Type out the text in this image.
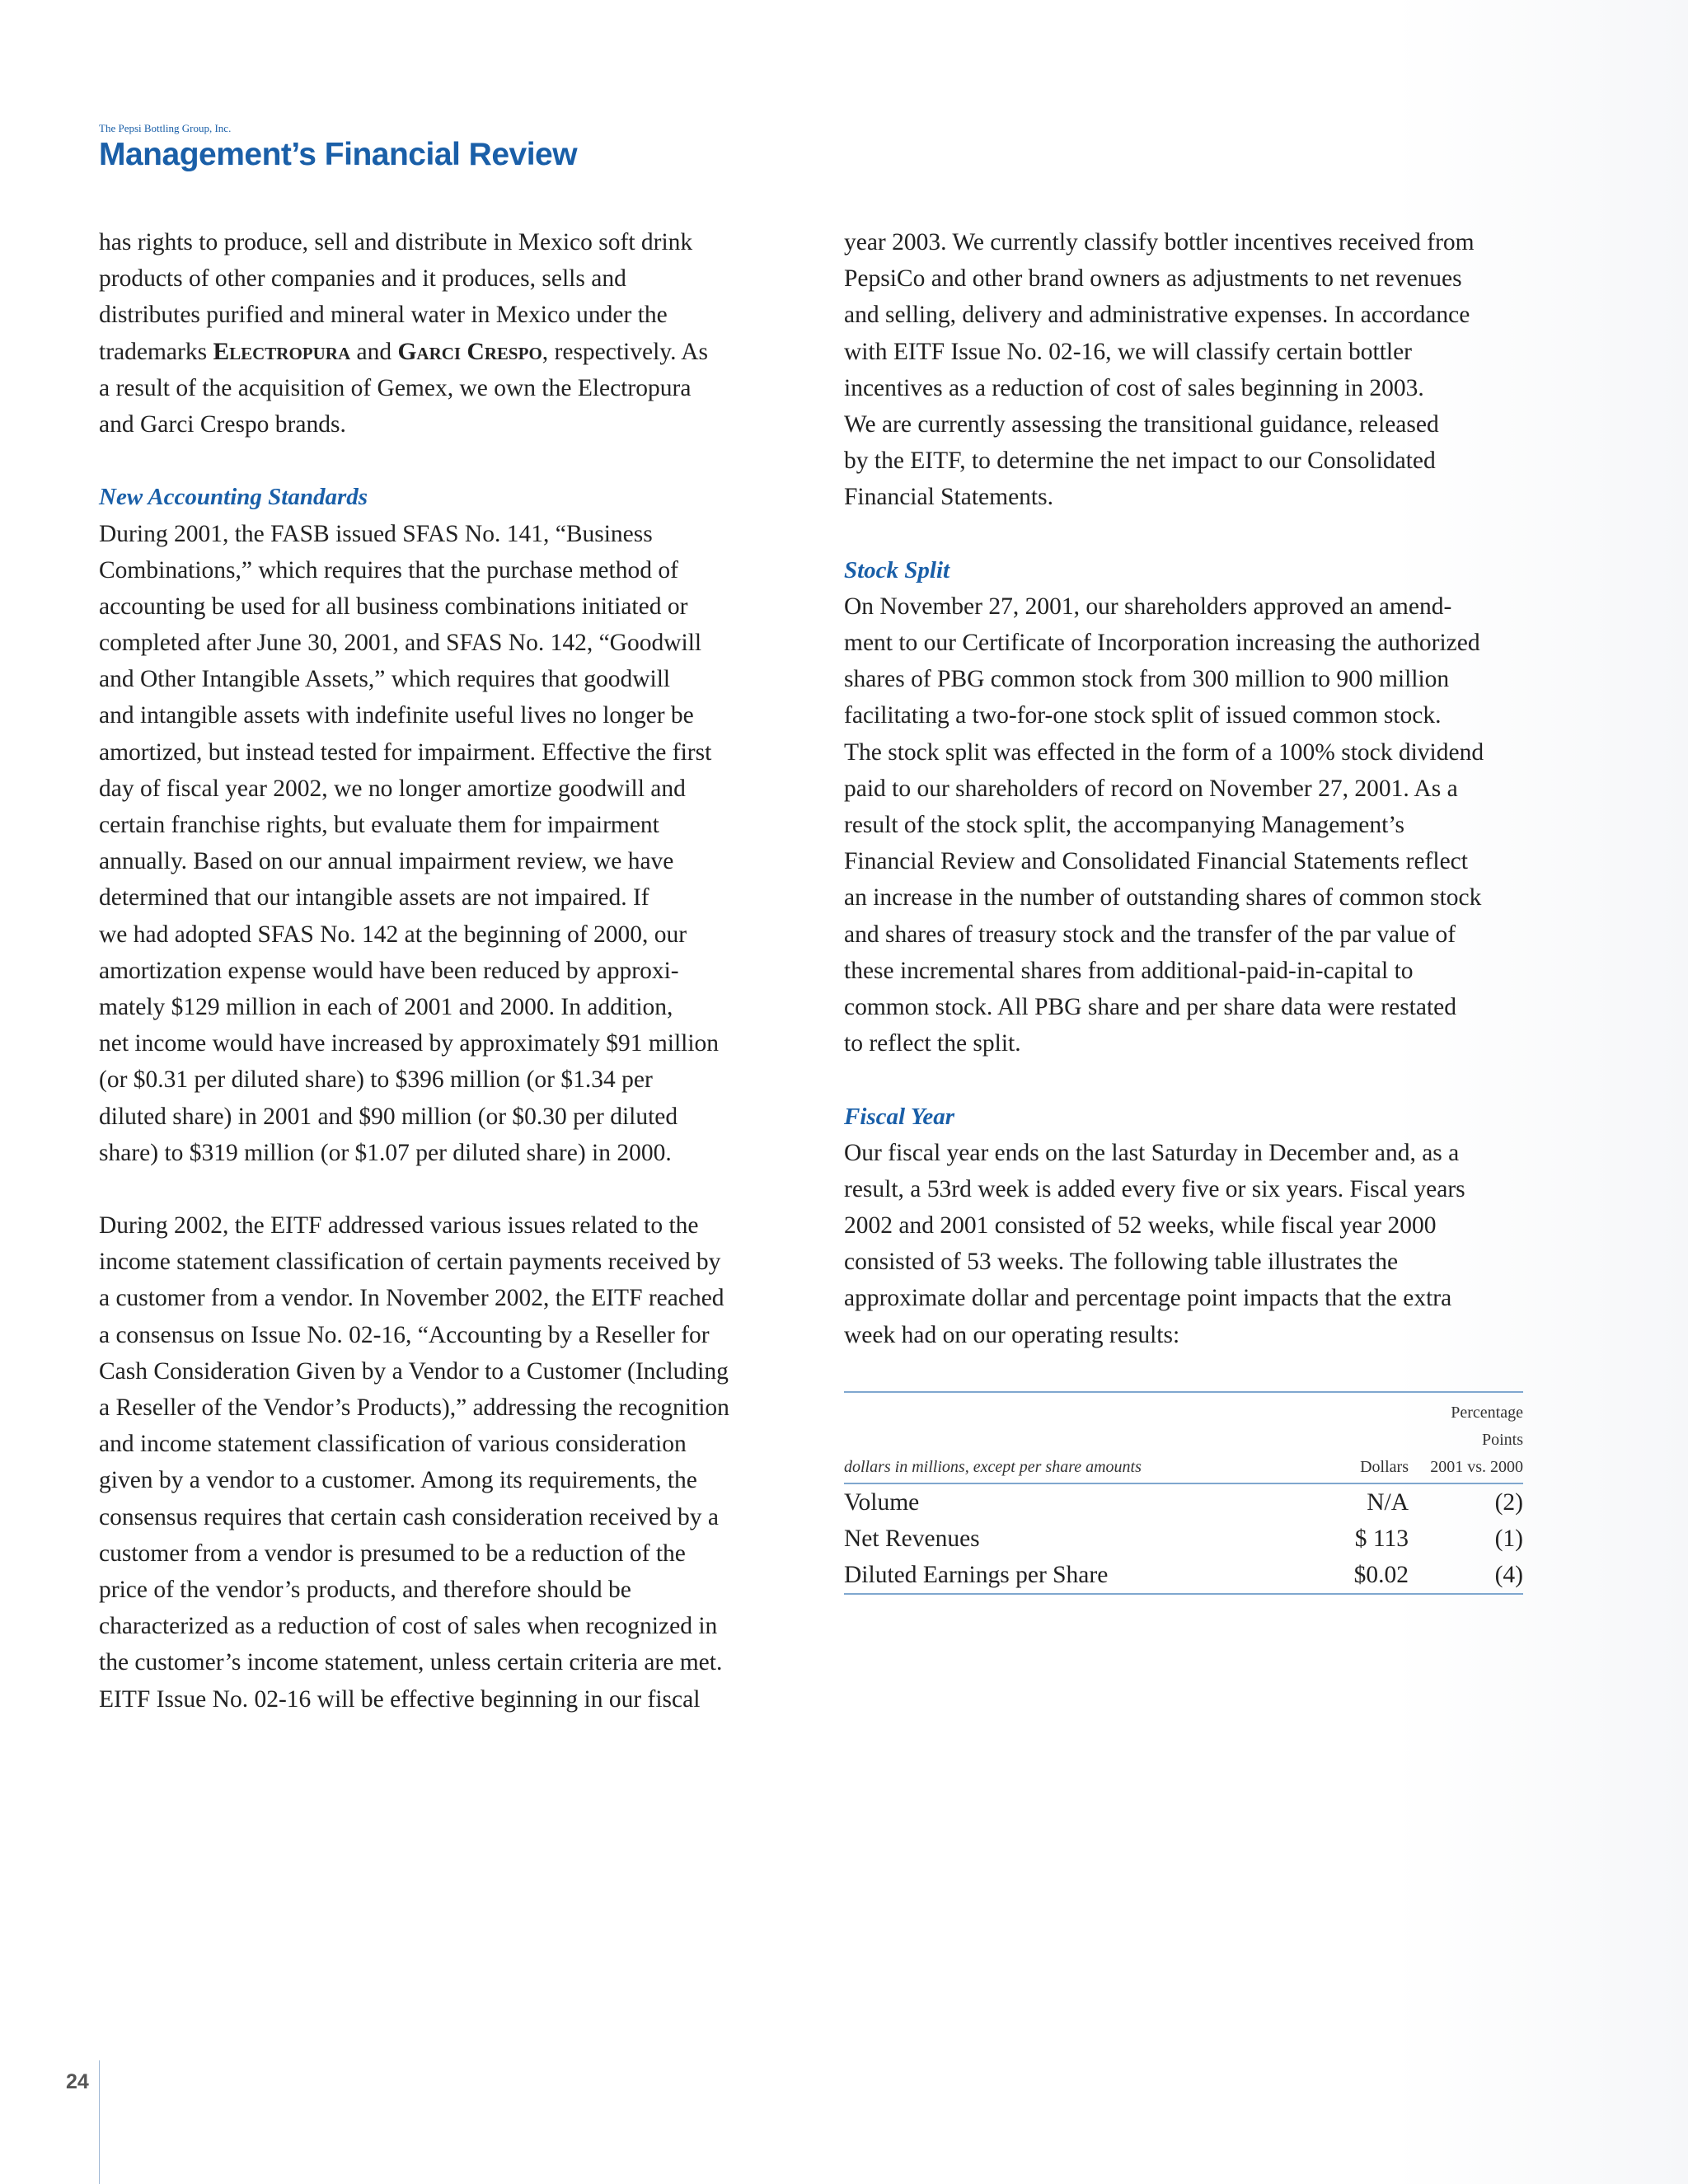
The Pepsi Bottling Group, Inc.
Management’s Financial Review
has rights to produce, sell and distribute in Mexico soft drink
products of other companies and it produces, sells and
distributes purified and mineral water in Mexico under the
trademarks Electropura and Garci Crespo, respectively. As
a result of the acquisition of Gemex, we own the Electropura
and Garci Crespo brands.
New Accounting Standards
During 2001, the FASB issued SFAS No. 141, “Business
Combinations,” which requires that the purchase method of
accounting be used for all business combinations initiated or
completed after June 30, 2001, and SFAS No. 142, “Goodwill
and Other Intangible Assets,” which requires that goodwill
and intangible assets with indefinite useful lives no longer be
amortized, but instead tested for impairment. Effective the first
day of fiscal year 2002, we no longer amortize goodwill and
certain franchise rights, but evaluate them for impairment
annually. Based on our annual impairment review, we have
determined that our intangible assets are not impaired. If
we had adopted SFAS No. 142 at the beginning of 2000, our
amortization expense would have been reduced by approxi-
mately $129 million in each of 2001 and 2000. In addition,
net income would have increased by approximately $91 million
(or $0.31 per diluted share) to $396 million (or $1.34 per
diluted share) in 2001 and $90 million (or $0.30 per diluted
share) to $319 million (or $1.07 per diluted share) in 2000.
During 2002, the EITF addressed various issues related to the
income statement classification of certain payments received by
a customer from a vendor. In November 2002, the EITF reached
a consensus on Issue No. 02-16, “Accounting by a Reseller for
Cash Consideration Given by a Vendor to a Customer (Including
a Reseller of the Vendor’s Products),” addressing the recognition
and income statement classification of various consideration
given by a vendor to a customer. Among its requirements, the
consensus requires that certain cash consideration received by a
customer from a vendor is presumed to be a reduction of the
price of the vendor’s products, and therefore should be
characterized as a reduction of cost of sales when recognized in
the customer’s income statement, unless certain criteria are met.
EITF Issue No. 02-16 will be effective beginning in our fiscal
year 2003. We currently classify bottler incentives received from
PepsiCo and other brand owners as adjustments to net revenues
and selling, delivery and administrative expenses. In accordance
with EITF Issue No. 02-16, we will classify certain bottler
incentives as a reduction of cost of sales beginning in 2003.
We are currently assessing the transitional guidance, released
by the EITF, to determine the net impact to our Consolidated
Financial Statements.
Stock Split
On November 27, 2001, our shareholders approved an amend-
ment to our Certificate of Incorporation increasing the authorized
shares of PBG common stock from 300 million to 900 million
facilitating a two-for-one stock split of issued common stock.
The stock split was effected in the form of a 100% stock dividend
paid to our shareholders of record on November 27, 2001. As a
result of the stock split, the accompanying Management’s
Financial Review and Consolidated Financial Statements reflect
an increase in the number of outstanding shares of common stock
and shares of treasury stock and the transfer of the par value of
these incremental shares from additional-paid-in-capital to
common stock. All PBG share and per share data were restated
to reflect the split.
Fiscal Year
Our fiscal year ends on the last Saturday in December and, as a
result, a 53rd week is added every five or six years. Fiscal years
2002 and 2001 consisted of 52 weeks, while fiscal year 2000
consisted of 53 weeks. The following table illustrates the
approximate dollar and percentage point impacts that the extra
week had on our operating results:
		Percentage
		Points
dollars in millions, except per share amounts	Dollars	2001 vs. 2000
Volume	N/A	(2)
Net Revenues	$ 113	(1)
Diluted Earnings per Share	$0.02	(4)
24
